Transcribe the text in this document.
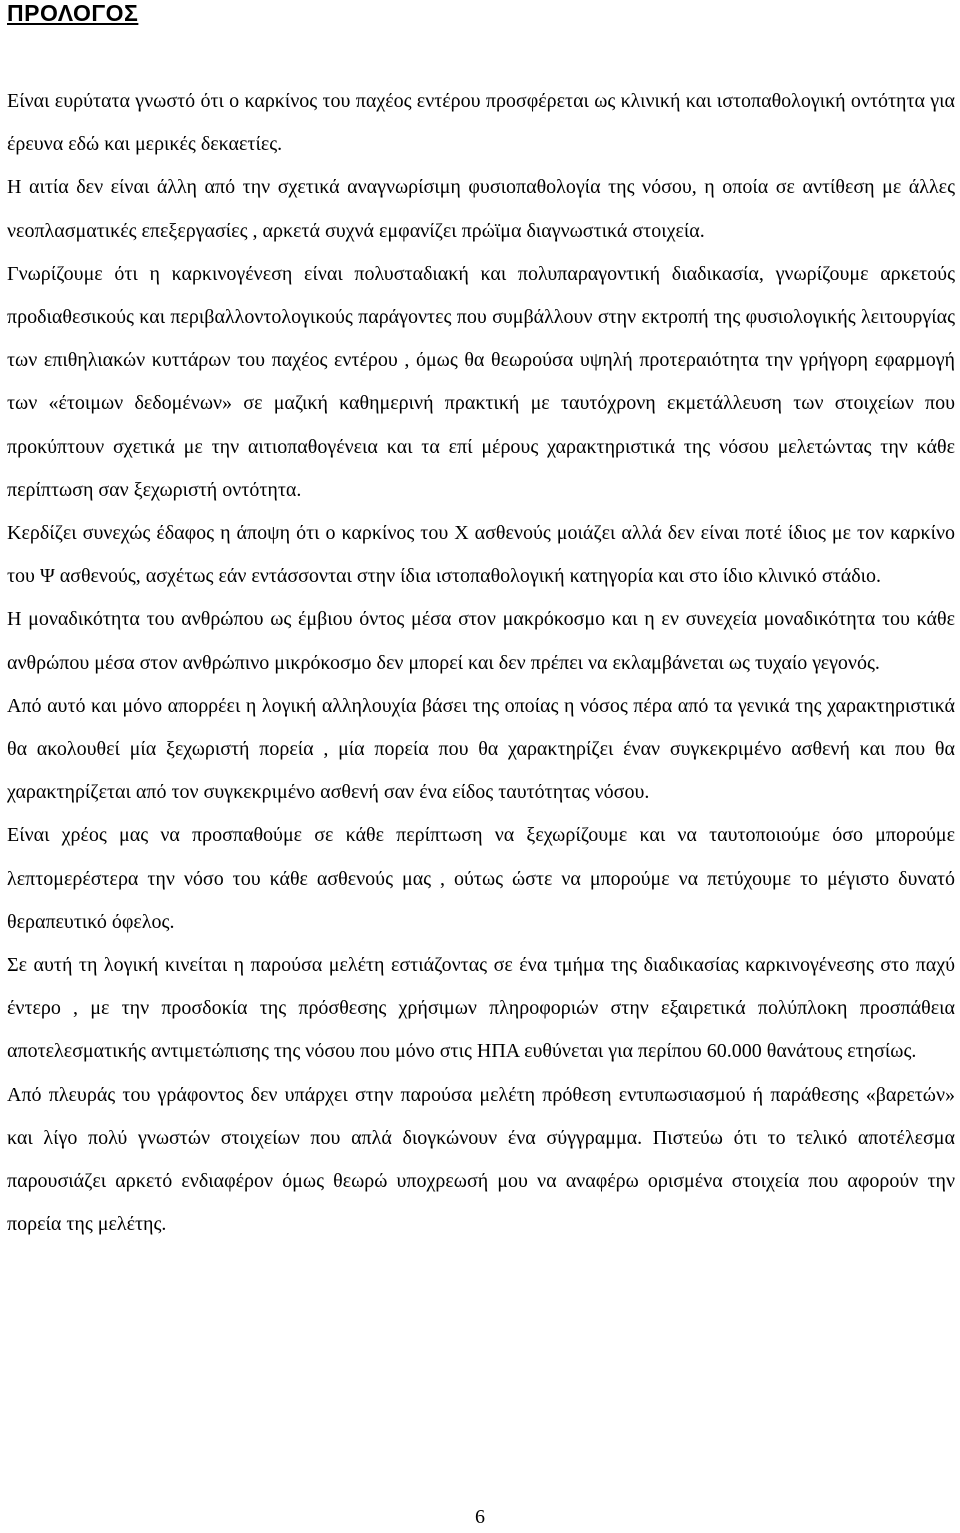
ΠΡΟΛΟΓΟΣ

Είναι ευρύτατα γνωστό ότι ο καρκίνος του παχέος εντέρου προσφέρεται ως κλινική και ιστοπαθολογική οντότητα για έρευνα εδώ και μερικές δεκαετίες.

Η αιτία δεν είναι άλλη από την σχετικά αναγνωρίσιμη φυσιοπαθολογία της νόσου, η οποία σε αντίθεση με άλλες νεοπλασματικές επεξεργασίες , αρκετά συχνά εμφανίζει πρώϊμα διαγνωστικά στοιχεία.

Γνωρίζουμε ότι η καρκινογένεση είναι πολυσταδιακή και πολυπαραγοντική διαδικασία, γνωρίζουμε αρκετούς προδιαθεσικούς και περιβαλλοντολογικούς παράγοντες που συμβάλλουν στην εκτροπή της φυσιολογικής λειτουργίας των επιθηλιακών κυττάρων του παχέος εντέρου , όμως θα θεωρούσα υψηλή προτεραιότητα την γρήγορη εφαρμογή των «έτοιμων δεδομένων» σε μαζική καθημερινή πρακτική με ταυτόχρονη εκμετάλλευση των στοιχείων που προκύπτουν σχετικά με την αιτιοπαθογένεια και τα επί μέρους χαρακτηριστικά της νόσου μελετώντας την κάθε περίπτωση σαν ξεχωριστή οντότητα.

Κερδίζει συνεχώς έδαφος η άποψη ότι ο καρκίνος του Χ ασθενούς μοιάζει αλλά δεν είναι ποτέ ίδιος με τον καρκίνο του Ψ ασθενούς, ασχέτως εάν εντάσσονται στην ίδια ιστοπαθολογική κατηγορία και στο ίδιο κλινικό στάδιο.

Η μοναδικότητα του ανθρώπου ως έμβιου όντος μέσα στον μακρόκοσμο και η εν συνεχεία μοναδικότητα του κάθε ανθρώπου μέσα στον ανθρώπινο μικρόκοσμο δεν μπορεί και δεν πρέπει να εκλαμβάνεται ως τυχαίο γεγονός.

Από αυτό και μόνο απορρέει η λογική αλληλουχία βάσει της οποίας η νόσος πέρα από τα γενικά της χαρακτηριστικά θα ακολουθεί μία ξεχωριστή πορεία , μία πορεία που θα χαρακτηρίζει έναν συγκεκριμένο ασθενή και που θα χαρακτηρίζεται από τον συγκεκριμένο ασθενή σαν ένα είδος ταυτότητας νόσου.

Είναι χρέος μας να προσπαθούμε σε κάθε περίπτωση να ξεχωρίζουμε και να ταυτοποιούμε όσο μπορούμε λεπτομερέστερα την νόσο του κάθε ασθενούς μας , ούτως ώστε να μπορούμε να πετύχουμε το μέγιστο δυνατό θεραπευτικό όφελος.

Σε αυτή τη λογική κινείται η παρούσα μελέτη εστιάζοντας σε ένα τμήμα της διαδικασίας καρκινογένεσης στο παχύ έντερο , με την προσδοκία της πρόσθεσης χρήσιμων πληροφοριών στην εξαιρετικά πολύπλοκη προσπάθεια αποτελεσματικής αντιμετώπισης της νόσου που μόνο στις ΗΠΑ ευθύνεται για περίπου 60.000 θανάτους ετησίως.

Από πλευράς του γράφοντος δεν υπάρχει στην παρούσα μελέτη πρόθεση εντυπωσιασμού ή παράθεσης «βαρετών» και λίγο πολύ γνωστών στοιχείων που απλά διογκώνουν ένα σύγγραμμα. Πιστεύω ότι το τελικό αποτέλεσμα παρουσιάζει αρκετό ενδιαφέρον όμως θεωρώ υποχρεωσή μου να αναφέρω ορισμένα στοιχεία που αφορούν την πορεία της μελέτης.

6
